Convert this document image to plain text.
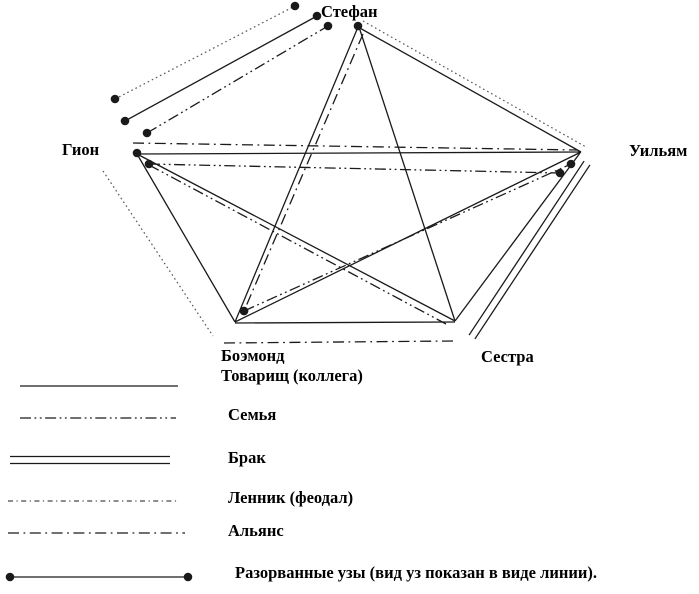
Стефан
Гион	Уильям
Боэмонд	Сестра
Товарищ (коллега)
Семья
Брак
Ленник (феодал)
Альянс
Разорванные узы (вид уз показан в виде линии).
